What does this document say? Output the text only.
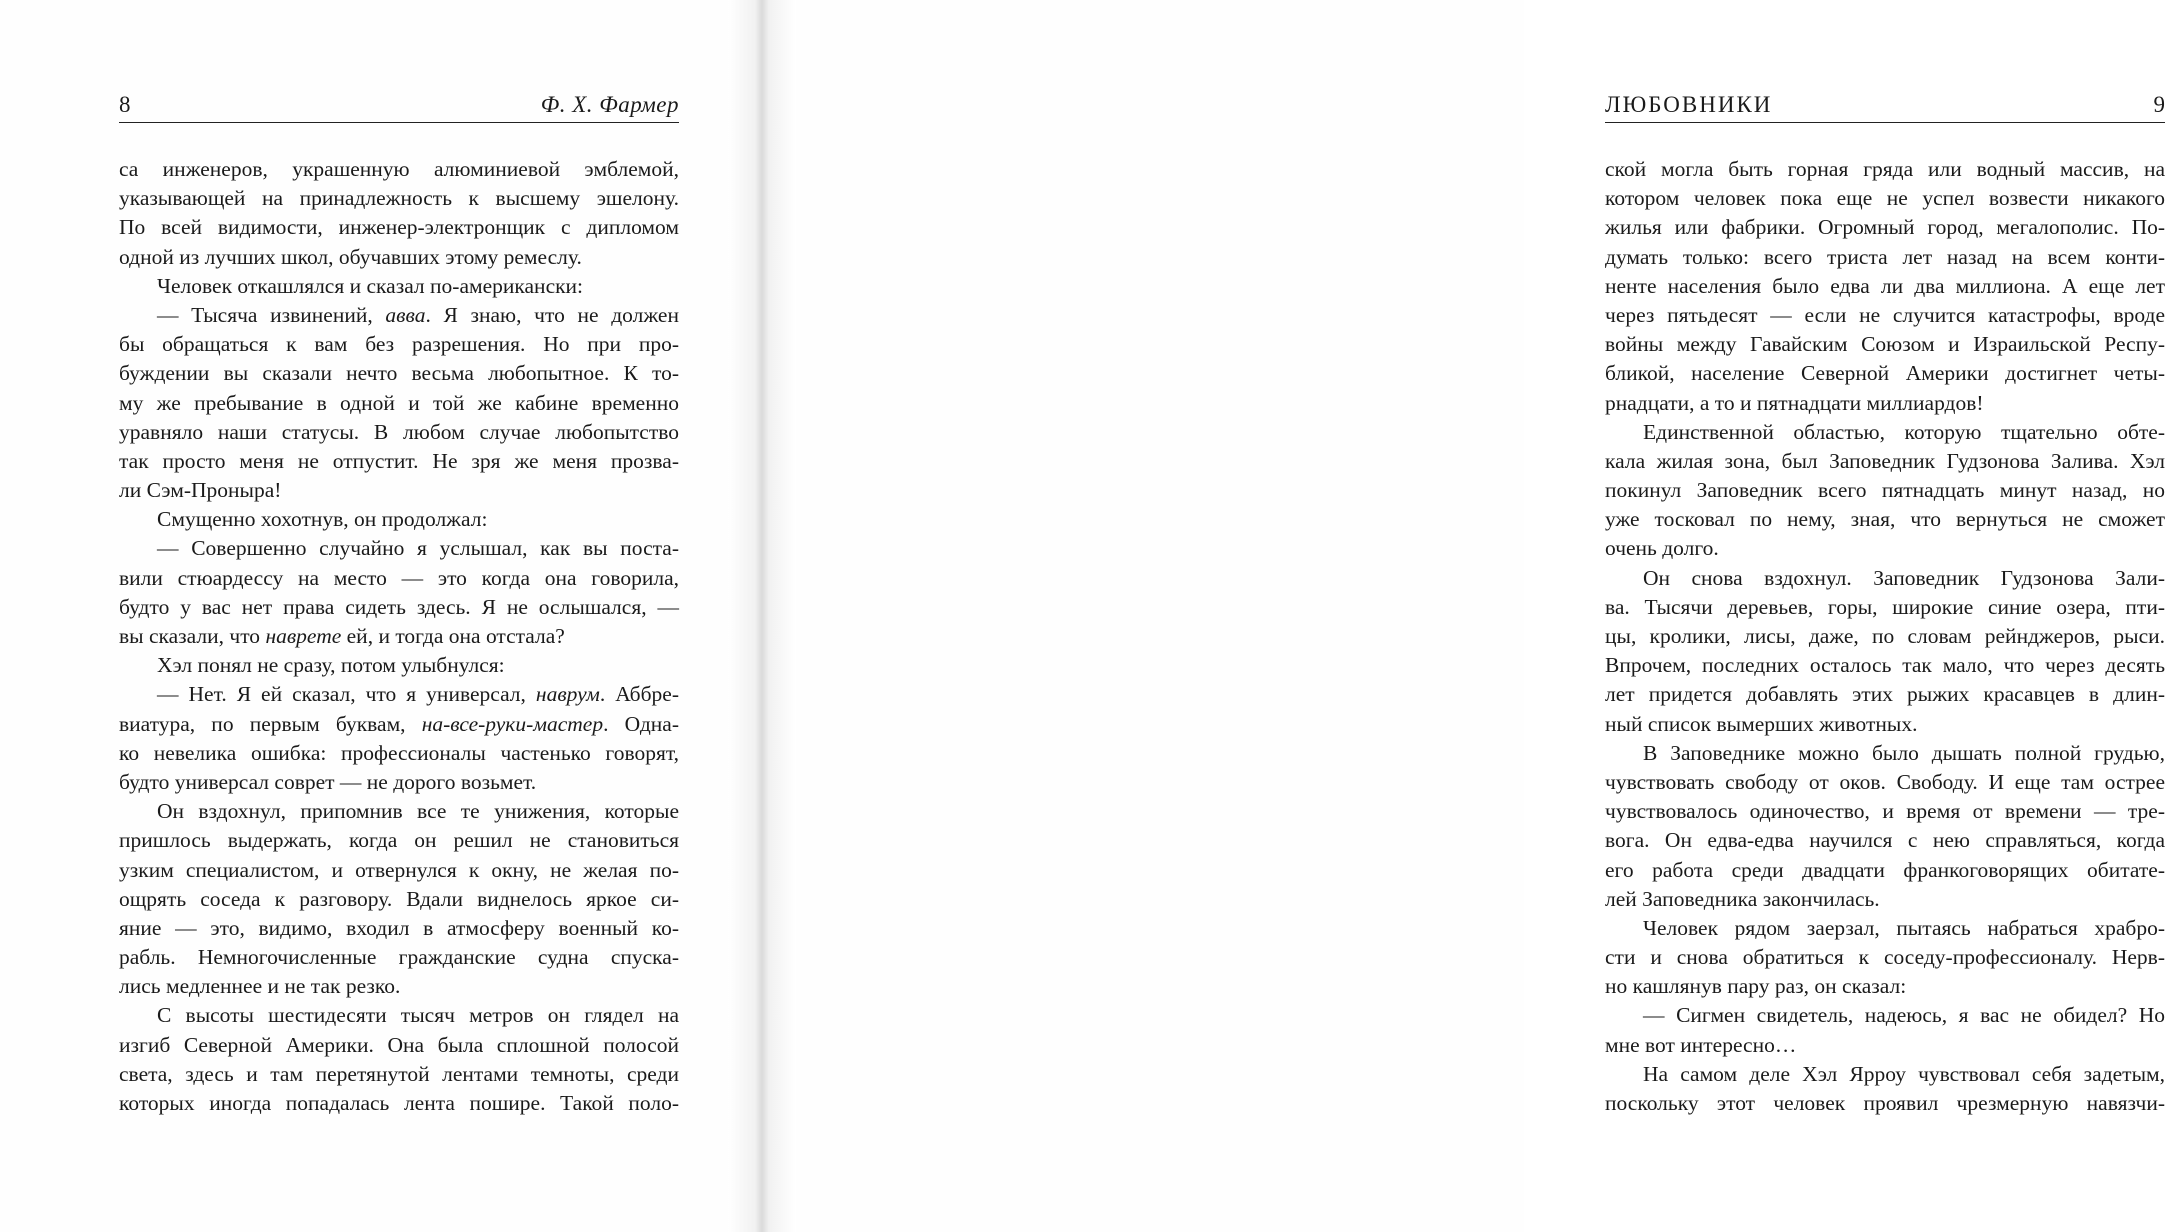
8	Ф. Х. Фармер
са инженеров, украшенную алюминиевой эмблемой,
указывающей на принадлежность к высшему эшелону.
По всей видимости, инженер-электронщик с дипломом
одной из лучших школ, обучавших этому ремеслу.
Человек откашлялся и сказал по-американски:
— Тысяча извинений, авва. Я знаю, что не должен
бы обращаться к вам без разрешения. Но при про-
буждении вы сказали нечто весьма любопытное. К то-
му же пребывание в одной и той же кабине временно
уравняло наши статусы. В любом случае любопытство
так просто меня не отпустит. Не зря же меня прозва-
ли Сэм-Проныра!
Смущенно хохотнув, он продолжал:
— Совершенно случайно я услышал, как вы поста-
вили стюардессу на место — это когда она говорила,
будто у вас нет права сидеть здесь. Я не ослышался, —
вы сказали, что наврете ей, и тогда она отстала?
Хэл понял не сразу, потом улыбнулся:
— Нет. Я ей сказал, что я универсал, наврум. Аббре-
виатура, по первым буквам, на-все-руки-мастер. Одна-
ко невелика ошибка: профессионалы частенько говорят,
будто универсал соврет — не дорого возьмет.
Он вздохнул, припомнив все те унижения, которые
пришлось выдержать, когда он решил не становиться
узким специалистом, и отвернулся к окну, не желая по-
ощрять соседа к разговору. Вдали виднелось яркое си-
яние — это, видимо, входил в атмосферу военный ко-
рабль. Немногочисленные гражданские судна спуска-
лись медленнее и не так резко.
С высоты шестидесяти тысяч метров он глядел на
изгиб Северной Америки. Она была сплошной полосой
света, здесь и там перетянутой лентами темноты, среди
которых иногда попадалась лента пошире. Такой поло-
ЛЮБОВНИКИ	9
ской могла быть горная гряда или водный массив, на
котором человек пока еще не успел возвести никакого
жилья или фабрики. Огромный город, мегалополис. По-
думать только: всего триста лет назад на всем конти-
ненте населения было едва ли два миллиона. А еще лет
через пятьдесят — если не случится катастрофы, вроде
войны между Гавайским Союзом и Израильской Респу-
бликой, население Северной Америки достигнет четы-
рнадцати, а то и пятнадцати миллиардов!
Единственной областью, которую тщательно обте-
кала жилая зона, был Заповедник Гудзонова Залива. Хэл
покинул Заповедник всего пятнадцать минут назад, но
уже тосковал по нему, зная, что вернуться не сможет
очень долго.
Он снова вздохнул. Заповедник Гудзонова Зали-
ва. Тысячи деревьев, горы, широкие синие озера, пти-
цы, кролики, лисы, даже, по словам рейнджеров, рыси.
Впрочем, последних осталось так мало, что через десять
лет придется добавлять этих рыжих красавцев в длин-
ный список вымерших животных.
В Заповеднике можно было дышать полной грудью,
чувствовать свободу от оков. Свободу. И еще там острее
чувствовалось одиночество, и время от времени — тре-
вога. Он едва-едва научился с нею справляться, когда
его работа среди двадцати франкоговорящих обитате-
лей Заповедника закончилась.
Человек рядом заерзал, пытаясь набраться храбро-
сти и снова обратиться к соседу-профессионалу. Нерв-
но кашлянув пару раз, он сказал:
— Сигмен свидетель, надеюсь, я вас не обидел? Но
мне вот интересно…
На самом деле Хэл Ярроу чувствовал себя задетым,
поскольку этот человек проявил чрезмерную навязчи-
